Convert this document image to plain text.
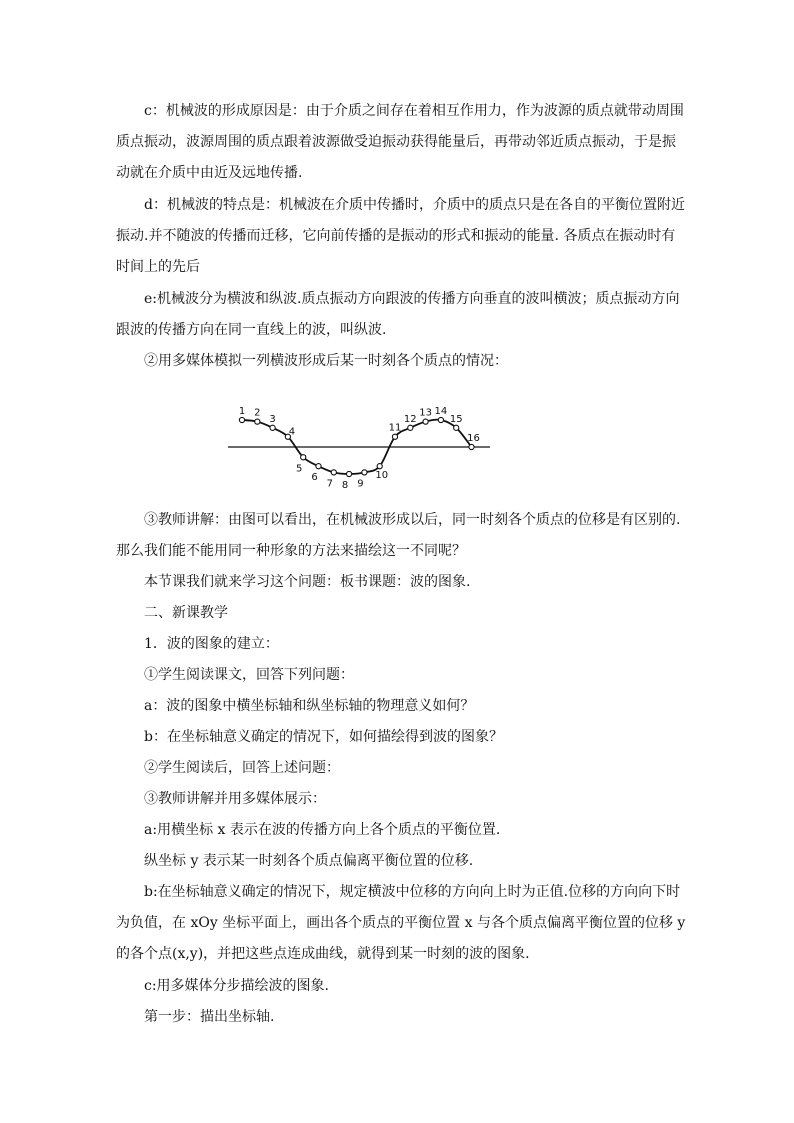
c：机械波的形成原因是：由于介质之间存在着相互作用力，作为波源的质点就带动周围
质点振动，波源周围的质点跟着波源做受迫振动获得能量后，再带动邻近质点振动，于是振
动就在介质中由近及远地传播.

d：机械波的特点是：机械波在介质中传播时，介质中的质点只是在各自的平衡位置附近
振动.并不随波的传播而迁移，它向前传播的是振动的形式和振动的能量. 各质点在振动时有
时间上的先后

e:机械波分为横波和纵波.质点振动方向跟波的传播方向垂直的波叫横波；质点振动方向
跟波的传播方向在同一直线上的波，叫纵波.

②用多媒体模拟一列横波形成后某一时刻各个质点的情况：

1 2
3
4
5
6
7 8 9
10
11
12
13 14
15
16

③教师讲解：由图可以看出，在机械波形成以后，同一时刻各个质点的位移是有区别的.
那么我们能不能用同一种形象的方法来描绘这一不同呢？

本节课我们就来学习这个问题：板书课题：波的图象.

二、新课教学

1．波的图象的建立：

①学生阅读课文，回答下列问题：

a：波的图象中横坐标轴和纵坐标轴的物理意义如何？

b：在坐标轴意义确定的情况下，如何描绘得到波的图象？

②学生阅读后，回答上述问题：

③教师讲解并用多媒体展示：

a:用横坐标 x 表示在波的传播方向上各个质点的平衡位置.

纵坐标 y 表示某一时刻各个质点偏离平衡位置的位移.

b:在坐标轴意义确定的情况下，规定横波中位移的方向向上时为正值.位移的方向向下时
为负值，在 xOy 坐标平面上，画出各个质点的平衡位置 x 与各个质点偏离平衡位置的位移 y
的各个点(x,y)，并把这些点连成曲线，就得到某一时刻的波的图象.

c:用多媒体分步描绘波的图象.

第一步：描出坐标轴.
